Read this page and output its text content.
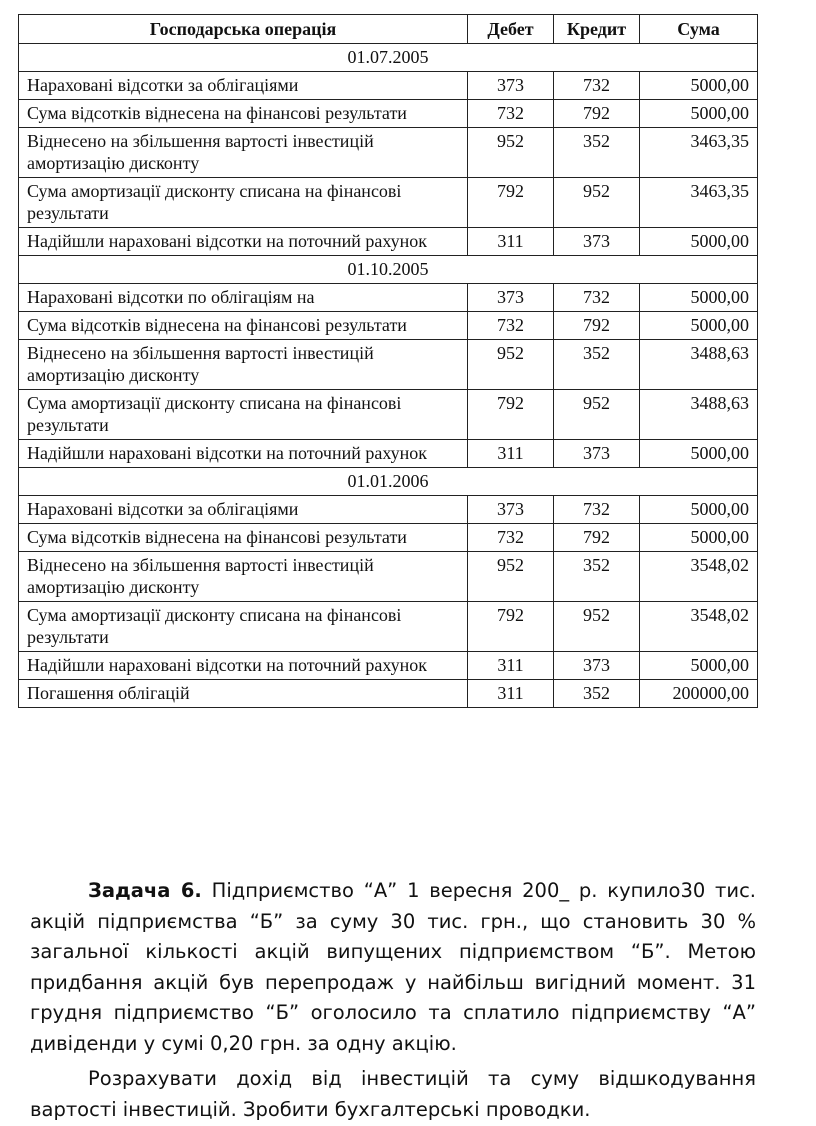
Господарська операція	Дебет	Кредит	Сума
01.07.2005			
Нараховані відсотки за облігаціями	373	732	5000,00
Сума відсотків віднесена на фінансові результати	732	792	5000,00
Віднесено на збільшення вартості інвестицій амортизацію дисконту	952	352	3463,35
Сума амортизації дисконту списана на фінансові результати	792	952	3463,35
Надійшли нараховані відсотки на поточний рахунок	311	373	5000,00
01.10.2005			
Нараховані відсотки по облігаціям на	373	732	5000,00
Сума відсотків віднесена на фінансові результати	732	792	5000,00
Віднесено на збільшення вартості інвестицій амортизацію дисконту	952	352	3488,63
Сума амортизації дисконту списана на фінансові результати	792	952	3488,63
Надійшли нараховані відсотки на поточний рахунок	311	373	5000,00
01.01.2006			
Нараховані відсотки за облігаціями	373	732	5000,00
Сума відсотків віднесена на фінансові результати	732	792	5000,00
Віднесено на збільшення вартості інвестицій амортизацію дисконту	952	352	3548,02
Сума амортизації дисконту списана на фінансові результати	792	952	3548,02
Надійшли нараховані відсотки на поточний рахунок	311	373	5000,00
Погашення облігацій	311	352	200000,00

Задача 6. Підприємство “А” 1 вересня 200_ р. купило30 тис. акцій підприємства “Б” за суму 30 тис. грн., що становить 30 % загальної кількості акцій випущених підприємством “Б”. Метою придбання акцій був перепродаж у найбільш вигідний момент. 31 грудня підприємство “Б” оголосило та сплатило підприємству “А” дивіденди у сумі 0,20 грн. за одну акцію.

Розрахувати дохід від інвестицій та суму відшкодування вартості інвестицій. Зробити бухгалтерські проводки.
